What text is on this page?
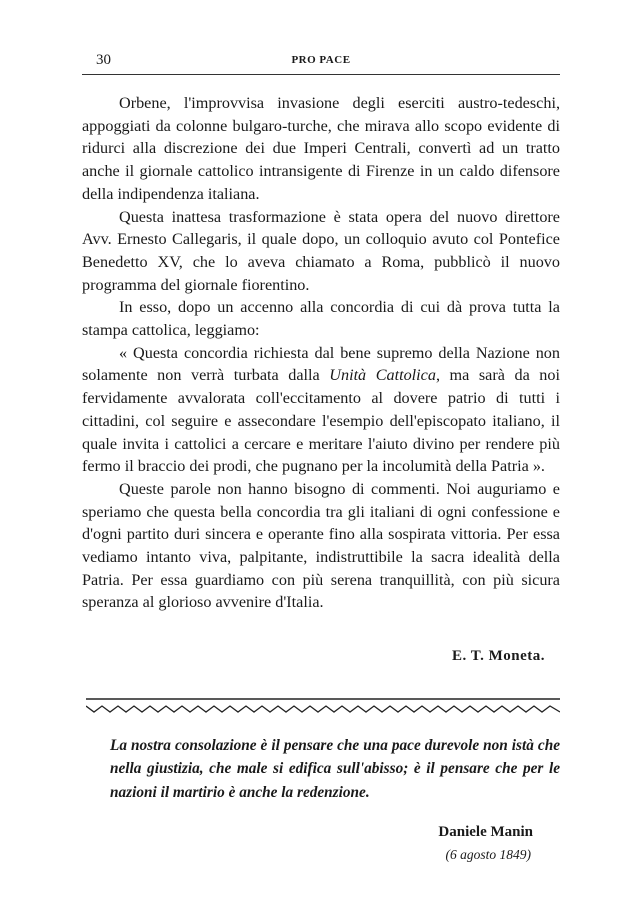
30	PRO PACE

Orbene, l'improvvisa invasione degli eserciti austro-tedeschi, appoggiati da colonne bulgaro-turche, che mirava allo scopo evidente di ridurci alla discrezione dei due Imperi Centrali, convertì ad un tratto anche il giornale cattolico intransigente di Firenze in un caldo difensore della indipendenza italiana.

Questa inattesa trasformazione è stata opera del nuovo direttore Avv. Ernesto Callegaris, il quale dopo, un colloquio avuto col Pontefice Benedetto XV, che lo aveva chiamato a Roma, pubblicò il nuovo programma del giornale fiorentino.

In esso, dopo un accenno alla concordia di cui dà prova tutta la stampa cattolica, leggiamo:

« Questa concordia richiesta dal bene supremo della Nazione non solamente non verrà turbata dalla Unità Cattolica, ma sarà da noi fervidamente avvalorata coll'eccitamento al dovere patrio di tutti i cittadini, col seguire e assecondare l'esempio dell'episcopato italiano, il quale invita i cattolici a cercare e meritare l'aiuto divino per rendere più fermo il braccio dei prodi, che pugnano per la incolumità della Patria ».

Queste parole non hanno bisogno di commenti. Noi auguriamo e speriamo che questa bella concordia tra gli italiani di ogni confessione e d'ogni partito duri sincera e operante fino alla sospirata vittoria. Per essa vediamo intanto viva, palpitante, indistruttibile la sacra idealità della Patria. Per essa guardiamo con più serena tranquillità, con più sicura speranza al glorioso avvenire d'Italia.

E. T. Moneta.

La nostra consolazione è il pensare che una pace durevole non istà che nella giustizia, che male si edifica sull'abisso; è il pensare che per le nazioni il martirio è anche la redenzione.

Daniele Manin
(6 agosto 1849)
